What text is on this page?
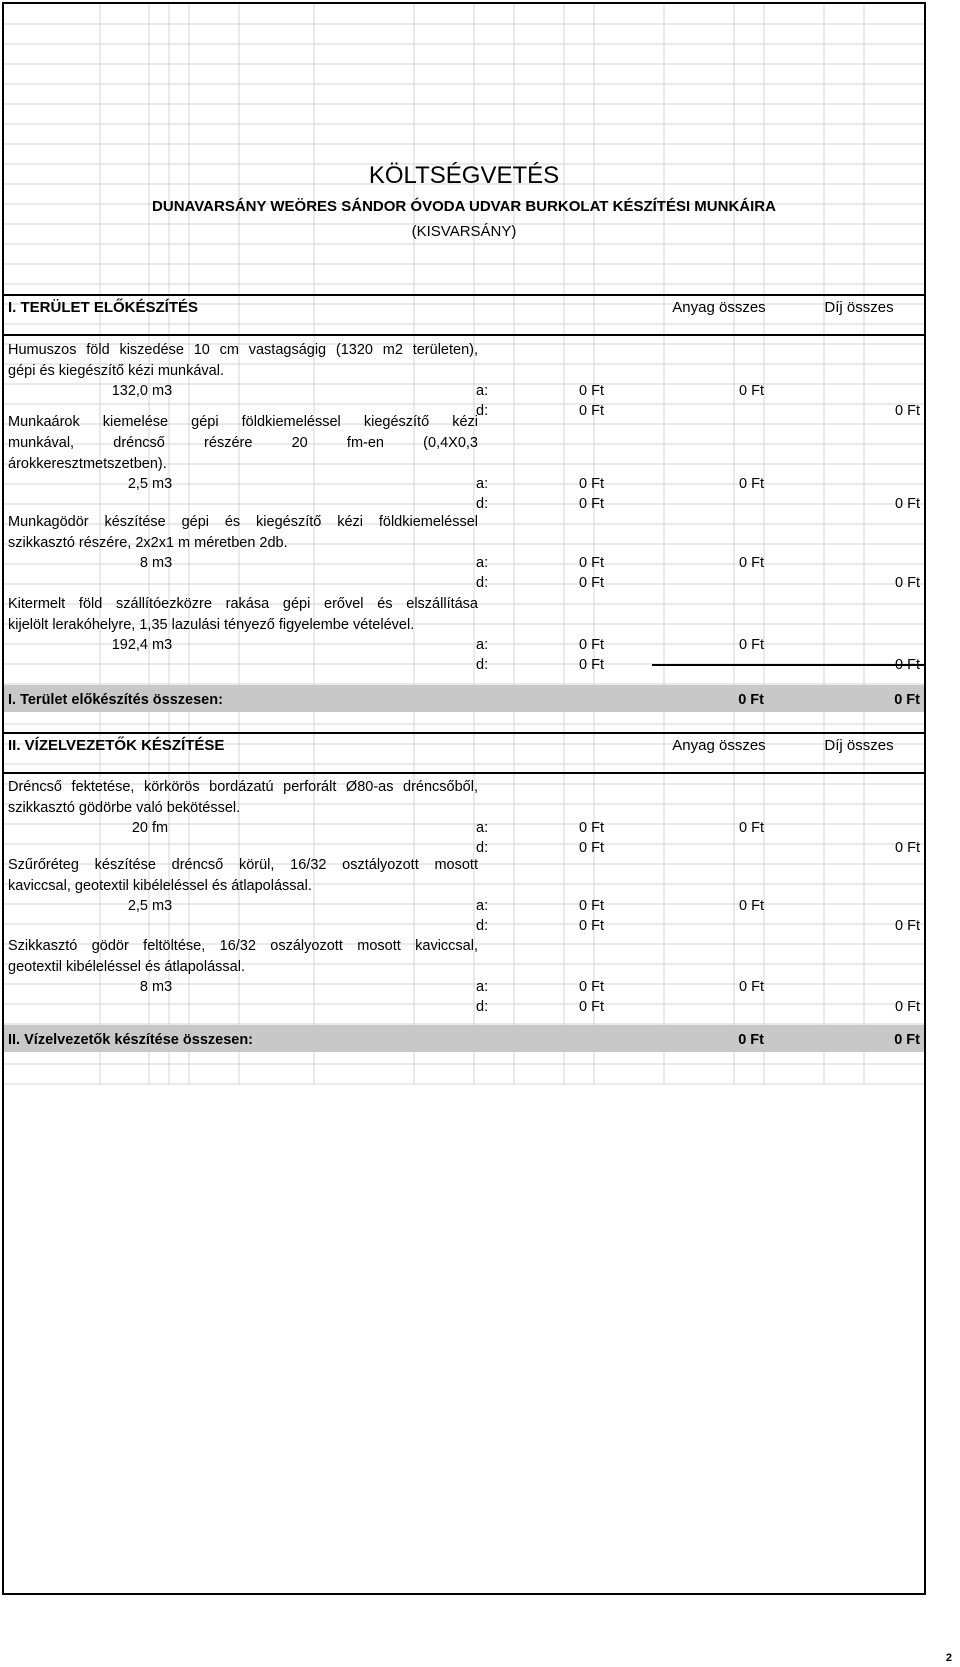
KÖLTSÉGVETÉS
DUNAVARSÁNY WEÖRES SÁNDOR ÓVODA UDVAR BURKOLAT KÉSZÍTÉSI MUNKÁIRA
(KISVARSÁNY)
I. TERÜLET ELŐKÉSZÍTÉS	Anyag összes	Díj összes
Humuszos föld kiszedése 10 cm vastagságig (1320 m2 területen),
gépi és kiegészítő kézi munkával.
132,0 m3	a:	0 Ft	0 Ft
d:	0 Ft	0 Ft
Munkaárok kiemelése gépi földkiemeléssel kiegészítő kézi
munkával, dréncső részére 20 fm-en (0,4X0,3
árokkeresztmetszetben).
2,5 m3	a:	0 Ft	0 Ft
d:	0 Ft	0 Ft
Munkagödör készítése gépi és kiegészítő kézi földkiemeléssel
szikkasztó részére, 2x2x1 m méretben 2db.
8 m3	a:	0 Ft	0 Ft
d:	0 Ft	0 Ft
Kitermelt föld szállítóezközre rakása gépi erővel és elszállítása
kijelölt lerakóhelyre, 1,35 lazulási tényező figyelembe vételével.
192,4 m3	a:	0 Ft	0 Ft
d:	0 Ft	0 Ft
I. Terület előkészítés összesen:	0 Ft	0 Ft
II. VÍZELVEZETŐK KÉSZÍTÉSE	Anyag összes	Díj összes
Dréncső fektetése, körkörös bordázatú perforált Ø80-as dréncsőből,
szikkasztó gödörbe való bekötéssel.
20 fm	a:	0 Ft	0 Ft
d:	0 Ft	0 Ft
Szűrőréteg készítése dréncső körül, 16/32 osztályozott mosott
kaviccsal, geotextil kibéleléssel és átlapolással.
2,5 m3	a:	0 Ft	0 Ft
d:	0 Ft	0 Ft
Szikkasztó gödör feltöltése, 16/32 oszályozott mosott kaviccsal,
geotextil kibéleléssel és átlapolással.
8 m3	a:	0 Ft	0 Ft
d:	0 Ft	0 Ft
II. Vízelvezetők készítése összesen:	0 Ft	0 Ft
2
